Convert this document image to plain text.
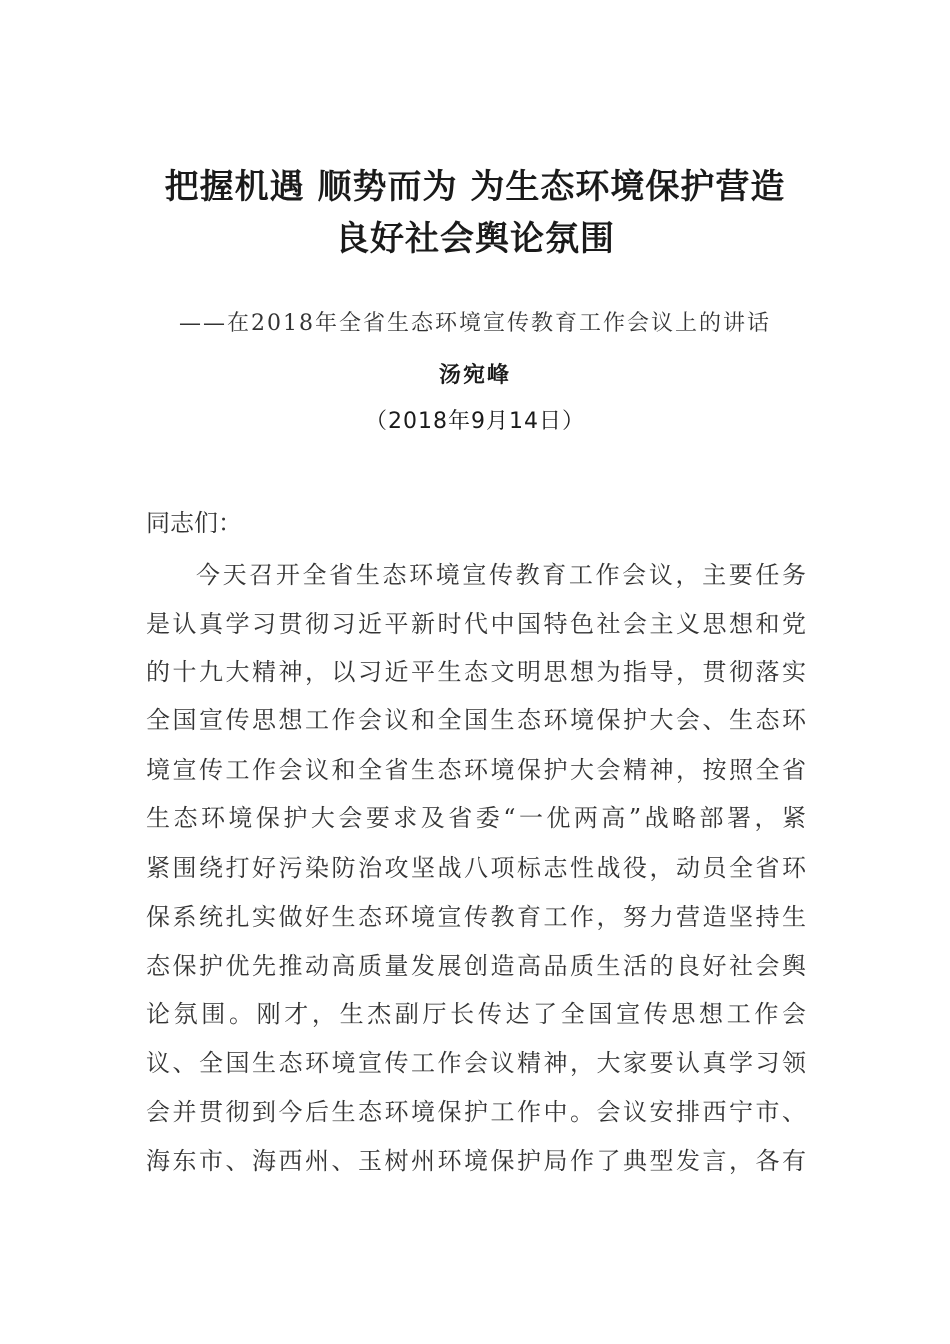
把握机遇 顺势而为 为生态环境保护营造
良好社会舆论氛围
——在2018年全省生态环境宣传教育工作会议上的讲话
汤宛峰
（2018年9月14日）
同志们：
今天召开全省生态环境宣传教育工作会议，主要任务
是认真学习贯彻习近平新时代中国特色社会主义思想和党
的十九大精神，以习近平生态文明思想为指导，贯彻落实
全国宣传思想工作会议和全国生态环境保护大会、生态环
境宣传工作会议和全省生态环境保护大会精神，按照全省
生态环境保护大会要求及省委“一优两高”战略部署，紧
紧围绕打好污染防治攻坚战八项标志性战役，动员全省环
保系统扎实做好生态环境宣传教育工作，努力营造坚持生
态保护优先推动高质量发展创造高品质生活的良好社会舆
论氛围。刚才，生杰副厅长传达了全国宣传思想工作会
议、全国生态环境宣传工作会议精神，大家要认真学习领
会并贯彻到今后生态环境保护工作中。会议安排西宁市、
海东市、海西州、玉树州环境保护局作了典型发言，各有
